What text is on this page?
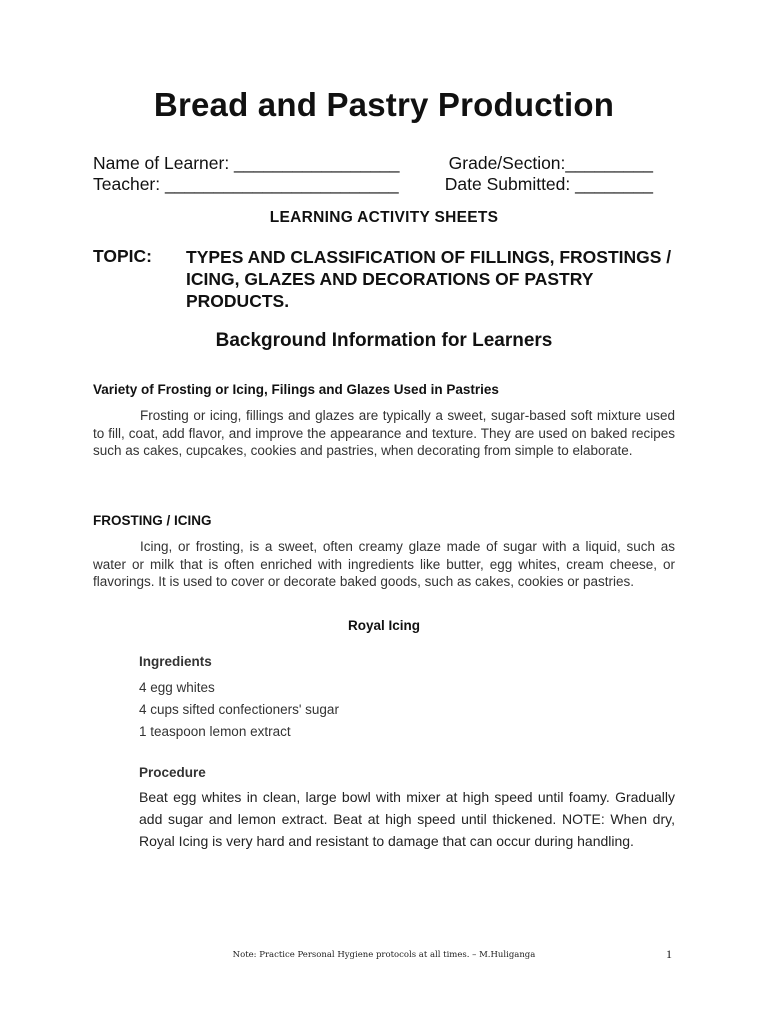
Bread and Pastry Production
Name of Learner: _________________	Grade/Section:_________
Teacher: ________________________	Date Submitted: ________
LEARNING ACTIVITY SHEETS
TOPIC: TYPES AND CLASSIFICATION OF FILLINGS, FROSTINGS / ICING, GLAZES AND DECORATIONS OF PASTRY PRODUCTS.
Background Information for Learners
Variety of Frosting or Icing, Filings and Glazes Used in Pastries

Frosting or icing, fillings and glazes are typically a sweet, sugar-based soft mixture used to fill, coat, add flavor, and improve the appearance and texture. They are used on baked recipes such as cakes, cupcakes, cookies and pastries, when decorating from simple to elaborate.

FROSTING / ICING

Icing, or frosting, is a sweet, often creamy glaze made of sugar with a liquid, such as water or milk that is often enriched with ingredients like butter, egg whites, cream cheese, or flavorings. It is used to cover or decorate baked goods, such as cakes, cookies or pastries.

Royal Icing
Ingredients
4 egg whites
4 cups sifted confectioners' sugar
1 teaspoon lemon extract
Procedure

Beat egg whites in clean, large bowl with mixer at high speed until foamy. Gradually add sugar and lemon extract. Beat at high speed until thickened. NOTE: When dry, Royal Icing is very hard and resistant to damage that can occur during handling.

Note: Practice Personal Hygiene protocols at all times. – M.Huliganga	1
